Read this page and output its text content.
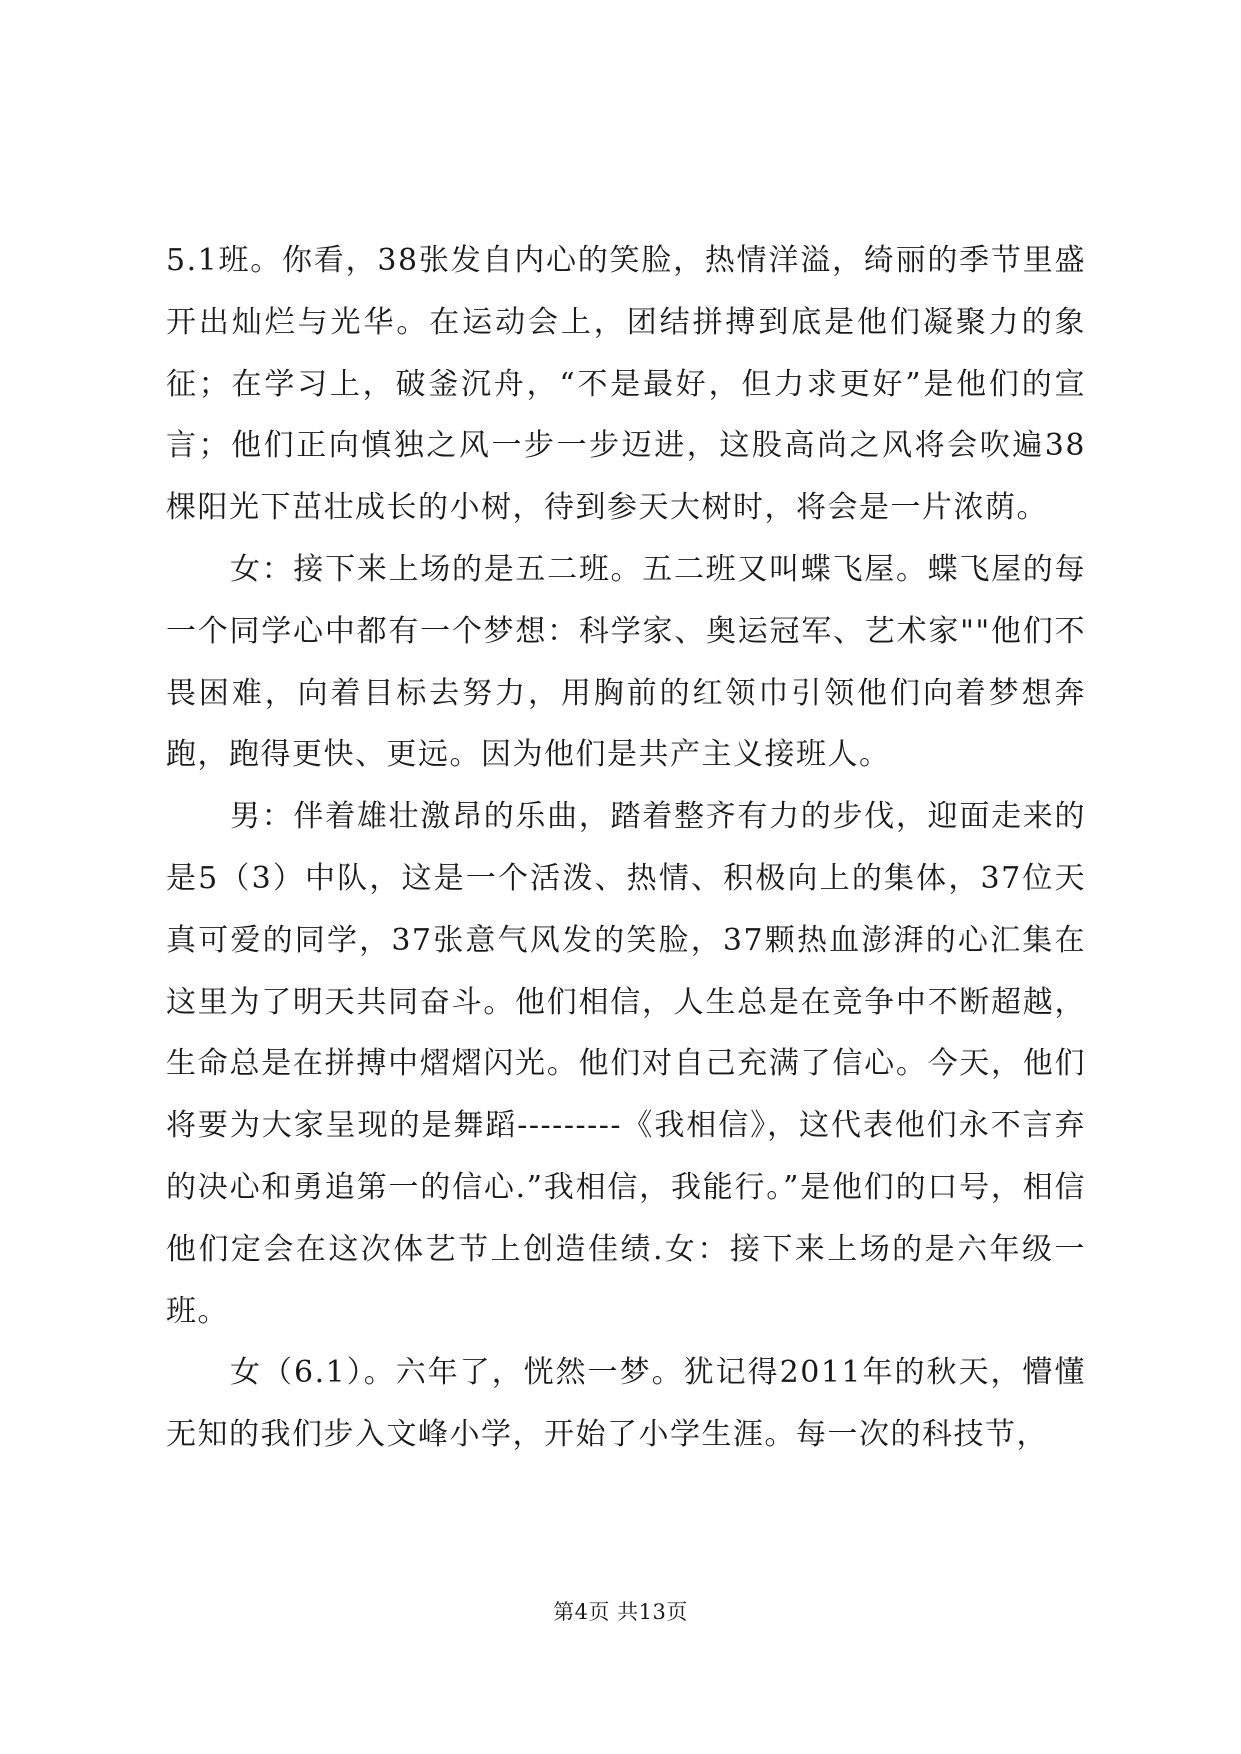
5.1班。你看，38张发自内心的笑脸，热情洋溢，绮丽的季节里盛开出灿烂与光华。在运动会上，团结拼搏到底是他们凝聚力的象征；在学习上，破釜沉舟，“不是最好，但力求更好”是他们的宣言；他们正向慎独之风一步一步迈进，这股高尚之风将会吹遍38棵阳光下茁壮成长的小树，待到参天大树时，将会是一片浓荫。

女：接下来上场的是五二班。五二班又叫蝶飞屋。蝶飞屋的每一个同学心中都有一个梦想：科学家、奥运冠军、艺术家""他们不畏困难，向着目标去努力，用胸前的红领巾引领他们向着梦想奔跑，跑得更快、更远。因为他们是共产主义接班人。

男：伴着雄壮激昂的乐曲，踏着整齐有力的步伐，迎面走来的是5（3）中队，这是一个活泼、热情、积极向上的集体，37位天真可爱的同学，37张意气风发的笑脸，37颗热血澎湃的心汇集在这里为了明天共同奋斗。他们相信，人生总是在竞争中不断超越，生命总是在拼搏中熠熠闪光。他们对自己充满了信心。今天，他们将要为大家呈现的是舞蹈---------《我相信》，这代表他们永不言弃的决心和勇追第一的信心.”我相信，我能行。”是他们的口号，相信他们定会在这次体艺节上创造佳绩.女：接下来上场的是六年级一班。

女（6.1）。六年了，恍然一梦。犹记得2011年的秋天，懵懂无知的我们步入文峰小学，开始了小学生涯。每一次的科技节，

第4页 共13页
